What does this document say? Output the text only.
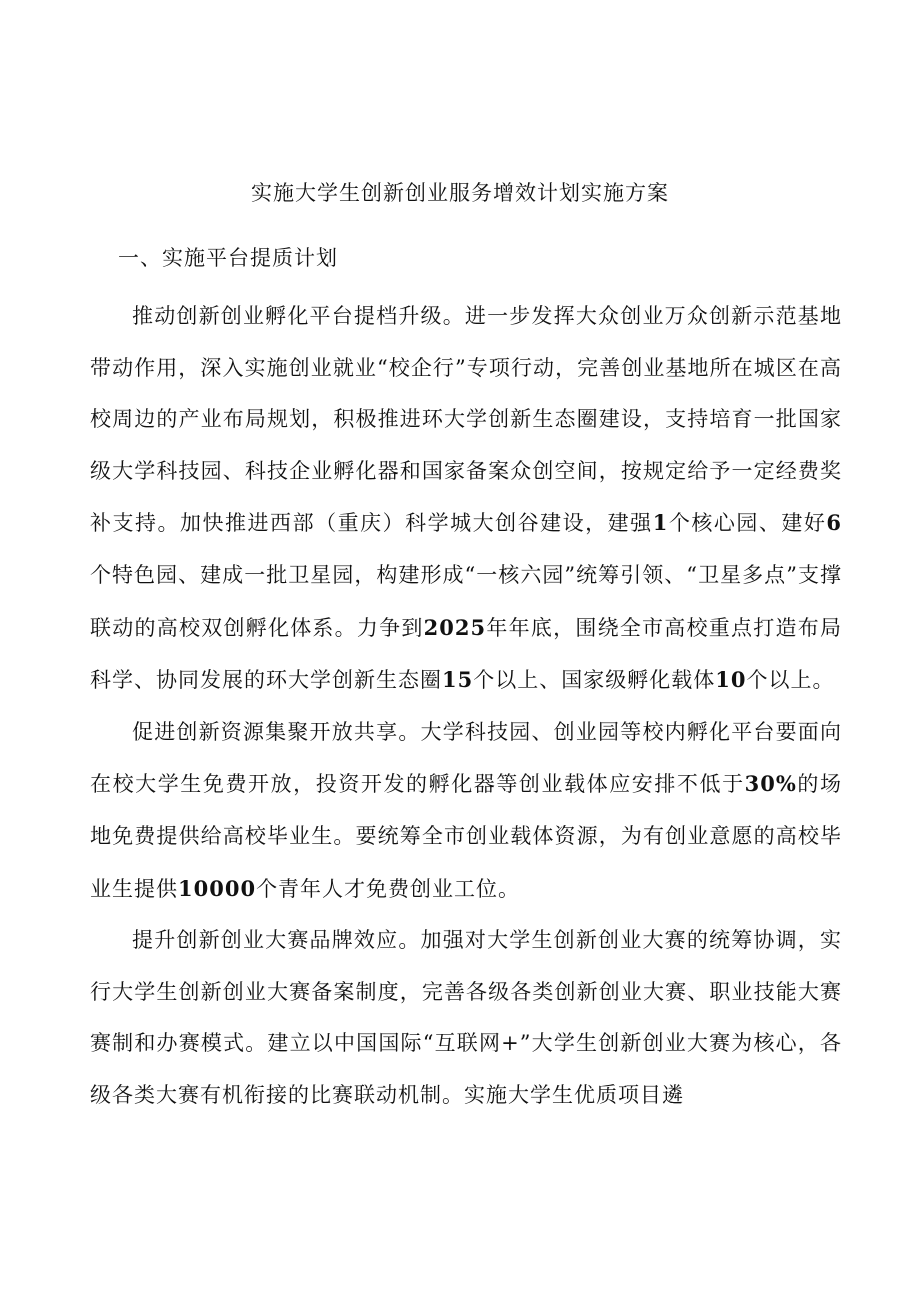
实施大学生创新创业服务增效计划实施方案
一、实施平台提质计划

推动创新创业孵化平台提档升级。进一步发挥大众创业万众创新示范基地带动作用，深入实施创业就业“校企行”专项行动，完善创业基地所在城区在高校周边的产业布局规划，积极推进环大学创新生态圈建设，支持培育一批国家级大学科技园、科技企业孵化器和国家备案众创空间，按规定给予一定经费奖补支持。加快推进西部（重庆）科学城大创谷建设，建强1个核心园、建好6个特色园、建成一批卫星园，构建形成“一核六园”统筹引领、“卫星多点”支撑联动的高校双创孵化体系。力争到2025年年底，围绕全市高校重点打造布局科学、协同发展的环大学创新生态圈15个以上、国家级孵化载体10个以上。

促进创新资源集聚开放共享。大学科技园、创业园等校内孵化平台要面向在校大学生免费开放，投资开发的孵化器等创业载体应安排不低于30%的场地免费提供给高校毕业生。要统筹全市创业载体资源，为有创业意愿的高校毕业生提供10000个青年人才免费创业工位。

提升创新创业大赛品牌效应。加强对大学生创新创业大赛的统筹协调，实行大学生创新创业大赛备案制度，完善各级各类创新创业大赛、职业技能大赛赛制和办赛模式。建立以中国国际“互联网+”大学生创新创业大赛为核心，各级各类大赛有机衔接的比赛联动机制。实施大学生优质项目遴
